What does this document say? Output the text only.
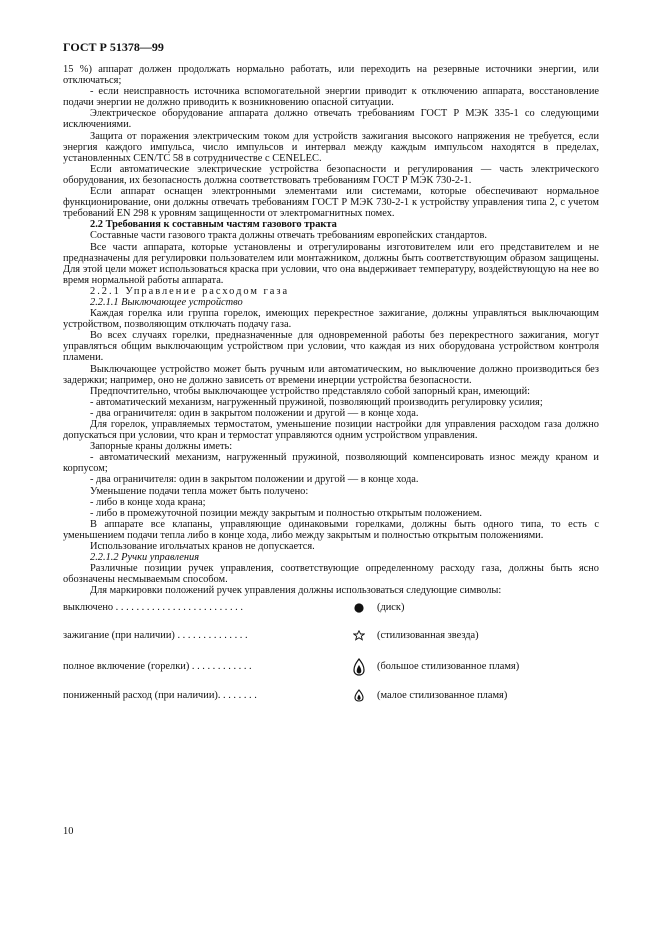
ГОСТ Р 51378—99

15 %) аппарат должен продолжать нормально работать, или переходить на резервные источники энергии, или отключаться;

- если неисправность источника вспомогательной энергии приводит к отключению аппарата, восстановление подачи энергии не должно приводить к возникновению опасной ситуации.

Электрическое оборудование аппарата должно отвечать требованиям ГОСТ Р МЭК 335-1 со следующими исключениями.

Защита от поражения электрическим током для устройств зажигания высокого напряжения не требуется, если энергия каждого импульса, число импульсов и интервал между каждым импульсом находятся в пределах, установленных CEN/TC 58 в сотрудничестве с CENELEC.

Если автоматические электрические устройства безопасности и регулирования — часть электрического оборудования, их безопасность должна соответствовать требованиям ГОСТ Р МЭК 730-2-1.

Если аппарат оснащен электронными элементами или системами, которые обеспечивают нормальное функционирование, они должны отвечать требованиям ГОСТ Р МЭК 730-2-1 к устройству управления типа 2, с учетом требований EN 298 к уровням защищенности от электромагнитных помех.

2.2 Требования к составным частям газового тракта

Составные части газового тракта должны отвечать требованиям европейских стандартов.

Все части аппарата, которые установлены и отрегулированы изготовителем или его представителем и не предназначены для регулировки пользователем или монтажником, должны быть соответствующим образом защищены. Для этой цели может использоваться краска при условии, что она выдерживает температуру, воздействующую на нее во время нормальной работы аппарата.

2.2.1 Управление расходом газа

2.2.1.1 Выключающее устройство

Каждая горелка или группа горелок, имеющих перекрестное зажигание, должны управляться выключающим устройством, позволяющим отключать подачу газа.

Во всех случаях горелки, предназначенные для одновременной работы без перекрестного зажигания, могут управляться общим выключающим устройством при условии, что каждая из них оборудована устройством контроля пламени.

Выключающее устройство может быть ручным или автоматическим, но выключение должно производиться без задержки; например, оно не должно зависеть от времени инерции устройства безопасности.

Предпочтительно, чтобы выключающее устройство представляло собой запорный кран, имеющий:

- автоматический механизм, нагруженный пружиной, позволяющий производить регулировку усилия;

- два ограничителя: один в закрытом положении и другой — в конце хода.

Для горелок, управляемых термостатом, уменьшение позиции настройки для управления расходом газа должно допускаться при условии, что кран и термостат управляются одним устройством управления.

Запорные краны должны иметь:

- автоматический механизм, нагруженный пружиной, позволяющий компенсировать износ между краном и корпусом;

- два ограничителя: один в закрытом положении и другой — в конце хода.

Уменьшение подачи тепла может быть получено:

- либо в конце хода крана;

- либо в промежуточной позиции между закрытым и полностью открытым положением.

В аппарате все клапаны, управляющие одинаковыми горелками, должны быть одного типа, то есть с уменьшением подачи тепла либо в конце хода, либо между закрытым и полностью открытым положениями.

Использование игольчатых кранов не допускается.

2.2.1.2 Ручки управления

Различные позиции ручек управления, соответствующие определенному расходу газа, должны быть ясно обозначены несмываемым способом.

Для маркировки положений ручек управления должны использоваться следующие символы:

выключено . . . . . . . . . . . . . . . . . . . . . . . . .	(диск)
зажигание (при наличии) . . . . . . . . . . . . . .	(стилизованная звезда)
полное включение (горелки) . . . . . . . . . . . .	(большое стилизованное пламя)
пониженный расход (при наличии). . . . . . . .	(малое стилизованное пламя)
10
